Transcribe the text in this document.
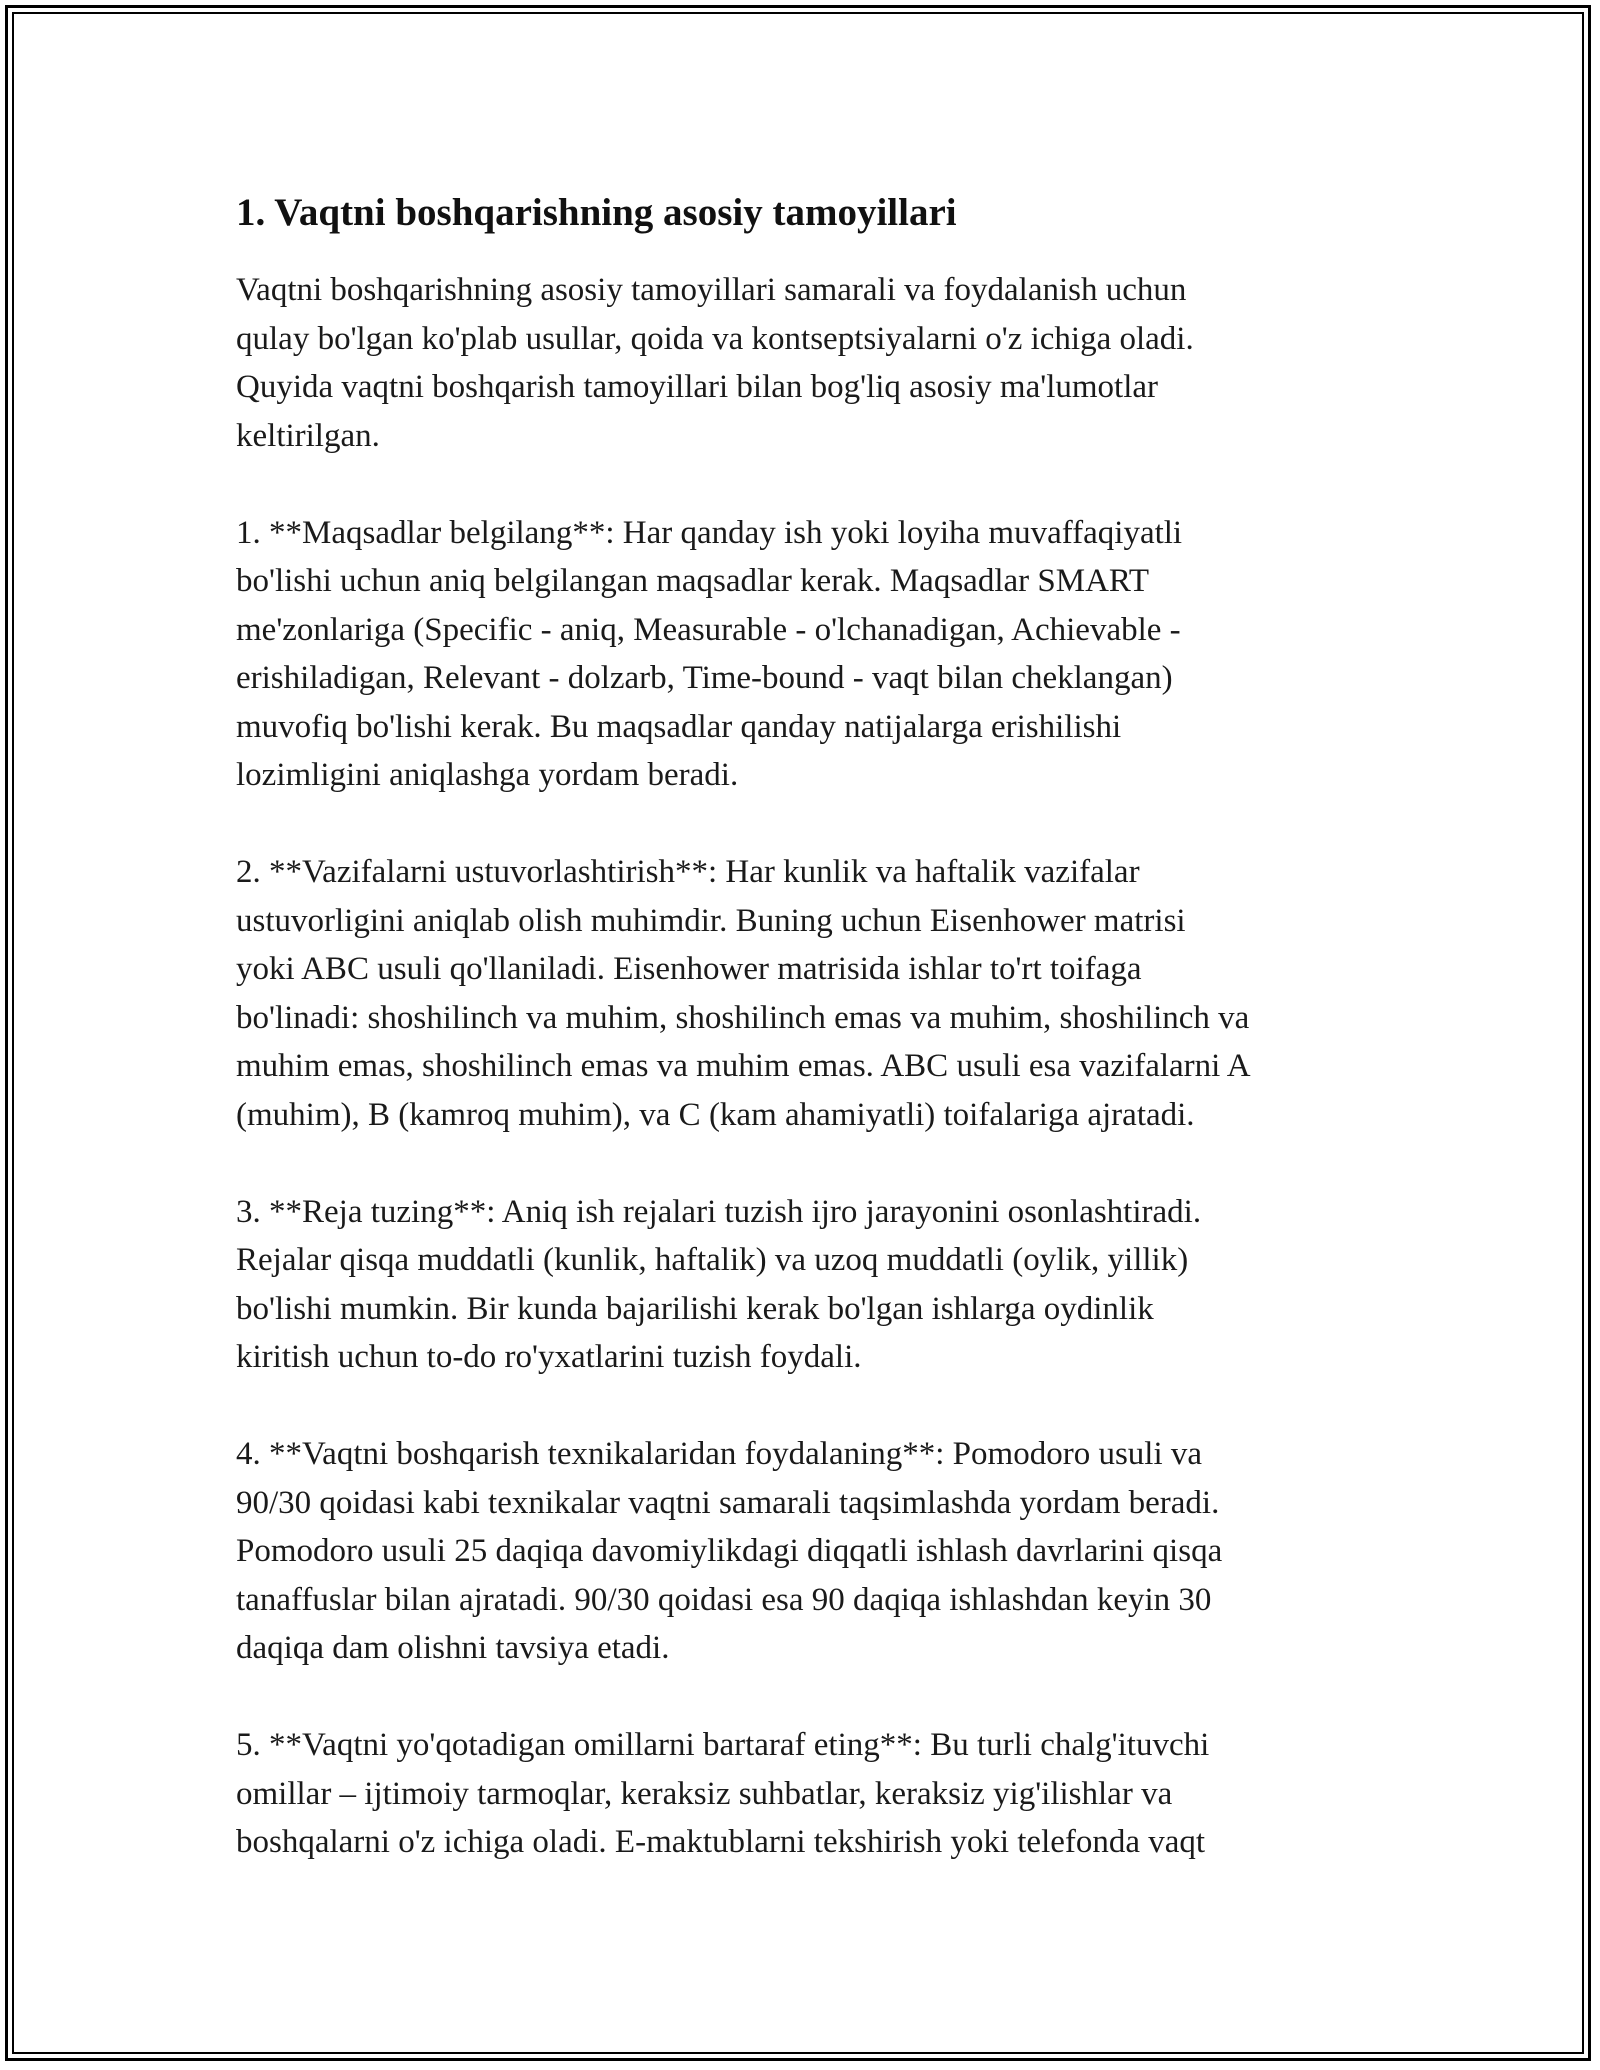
1. Vaqtni boshqarishning asosiy tamoyillari

Vaqtni boshqarishning asosiy tamoyillari samarali va foydalanish uchun
qulay bo'lgan ko'plab usullar, qoida va kontseptsiyalarni o'z ichiga oladi.
Quyida vaqtni boshqarish tamoyillari bilan bog'liq asosiy ma'lumotlar
keltirilgan.

1. **Maqsadlar belgilang**: Har qanday ish yoki loyiha muvaffaqiyatli
bo'lishi uchun aniq belgilangan maqsadlar kerak. Maqsadlar SMART
me'zonlariga (Specific - aniq, Measurable - o'lchanadigan, Achievable -
erishiladigan, Relevant - dolzarb, Time-bound - vaqt bilan cheklangan)
muvofiq bo'lishi kerak. Bu maqsadlar qanday natijalarga erishilishi
lozimligini aniqlashga yordam beradi.

2. **Vazifalarni ustuvorlashtirish**: Har kunlik va haftalik vazifalar
ustuvorligini aniqlab olish muhimdir. Buning uchun Eisenhower matrisi
yoki ABC usuli qo'llaniladi. Eisenhower matrisida ishlar to'rt toifaga
bo'linadi: shoshilinch va muhim, shoshilinch emas va muhim, shoshilinch va
muhim emas, shoshilinch emas va muhim emas. ABC usuli esa vazifalarni A
(muhim), B (kamroq muhim), va C (kam ahamiyatli) toifalariga ajratadi.

3. **Reja tuzing**: Aniq ish rejalari tuzish ijro jarayonini osonlashtiradi.
Rejalar qisqa muddatli (kunlik, haftalik) va uzoq muddatli (oylik, yillik)
bo'lishi mumkin. Bir kunda bajarilishi kerak bo'lgan ishlarga oydinlik
kiritish uchun to-do ro'yxatlarini tuzish foydali.

4. **Vaqtni boshqarish texnikalaridan foydalaning**: Pomodoro usuli va
90/30 qoidasi kabi texnikalar vaqtni samarali taqsimlashda yordam beradi.
Pomodoro usuli 25 daqiqa davomiylikdagi diqqatli ishlash davrlarini qisqa
tanaffuslar bilan ajratadi. 90/30 qoidasi esa 90 daqiqa ishlashdan keyin 30
daqiqa dam olishni tavsiya etadi.

5. **Vaqtni yo'qotadigan omillarni bartaraf eting**: Bu turli chalg'ituvchi
omillar – ijtimoiy tarmoqlar, keraksiz suhbatlar, keraksiz yig'ilishlar va
boshqalarni o'z ichiga oladi. E-maktublarni tekshirish yoki telefonda vaqt
